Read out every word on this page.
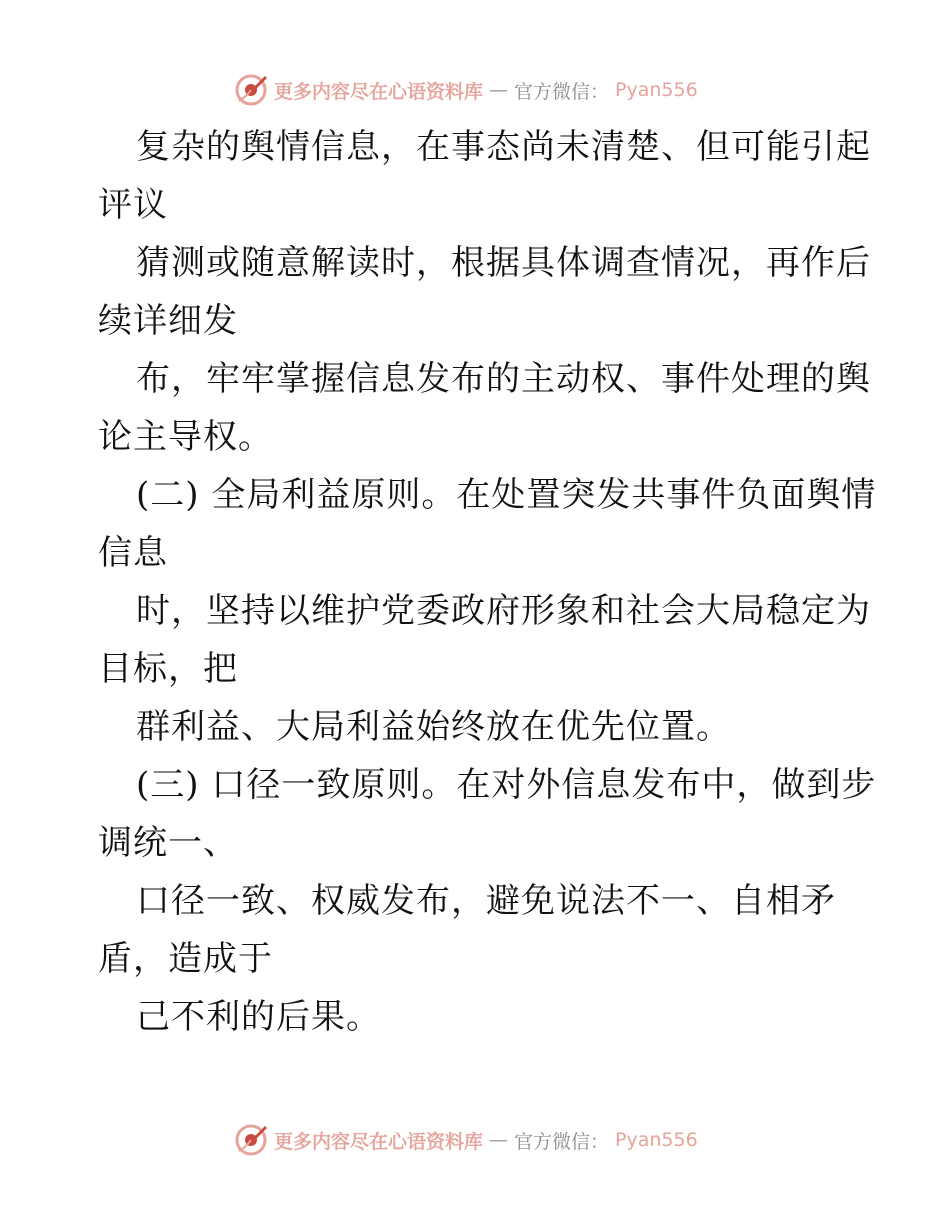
更多内容尽在心语资料库 — 官方微信： Pyan556
复杂的舆情信息，在事态尚未清楚、但可能引起
评议
猜测或随意解读时，根据具体调查情况，再作后
续详细发
布，牢牢掌握信息发布的主动权、事件处理的舆
论主导权。
(二) 全局利益原则。在处置突发共事件负面舆情
信息
时，坚持以维护党委政府形象和社会大局稳定为
目标，把
群利益、大局利益始终放在优先位置。
(三) 口径一致原则。在对外信息发布中，做到步
调统一、
口径一致、权威发布，避免说法不一、自相矛
盾，造成于
己不利的后果。
更多内容尽在心语资料库 — 官方微信： Pyan556
